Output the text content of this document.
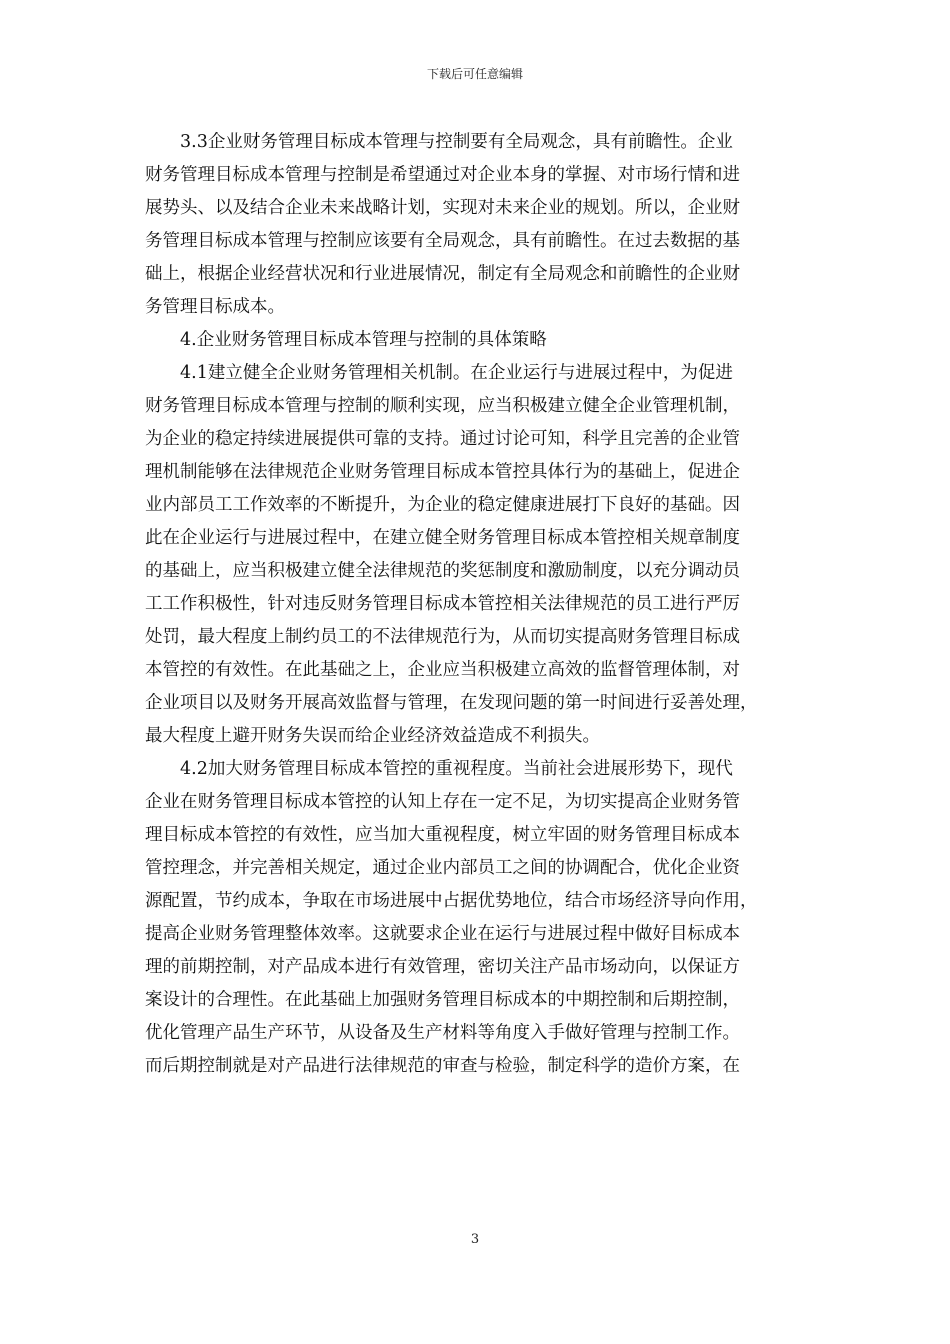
下载后可任意编辑
3.3企业财务管理目标成本管理与控制要有全局观念，具有前瞻性。企业
财务管理目标成本管理与控制是希望通过对企业本身的掌握、对市场行情和进
展势头、以及结合企业未来战略计划，实现对未来企业的规划。所以，企业财
务管理目标成本管理与控制应该要有全局观念，具有前瞻性。在过去数据的基
础上，根据企业经营状况和行业进展情况，制定有全局观念和前瞻性的企业财
务管理目标成本。
4.企业财务管理目标成本管理与控制的具体策略
4.1建立健全企业财务管理相关机制。在企业运行与进展过程中，为促进
财务管理目标成本管理与控制的顺利实现，应当积极建立健全企业管理机制，
为企业的稳定持续进展提供可靠的支持。通过讨论可知，科学且完善的企业管
理机制能够在法律规范企业财务管理目标成本管控具体行为的基础上，促进企
业内部员工工作效率的不断提升，为企业的稳定健康进展打下良好的基础。因
此在企业运行与进展过程中，在建立健全财务管理目标成本管控相关规章制度
的基础上，应当积极建立健全法律规范的奖惩制度和激励制度，以充分调动员
工工作积极性，针对违反财务管理目标成本管控相关法律规范的员工进行严厉
处罚，最大程度上制约员工的不法律规范行为，从而切实提高财务管理目标成
本管控的有效性。在此基础之上，企业应当积极建立高效的监督管理体制，对
企业项目以及财务开展高效监督与管理，在发现问题的第一时间进行妥善处理，
最大程度上避开财务失误而给企业经济效益造成不利损失。
4.2加大财务管理目标成本管控的重视程度。当前社会进展形势下，现代
企业在财务管理目标成本管控的认知上存在一定不足，为切实提高企业财务管
理目标成本管控的有效性，应当加大重视程度，树立牢固的财务管理目标成本
管控理念，并完善相关规定，通过企业内部员工之间的协调配合，优化企业资
源配置，节约成本，争取在市场进展中占据优势地位，结合市场经济导向作用，
提高企业财务管理整体效率。这就要求企业在运行与进展过程中做好目标成本
理的前期控制，对产品成本进行有效管理，密切关注产品市场动向，以保证方
案设计的合理性。在此基础上加强财务管理目标成本的中期控制和后期控制，
优化管理产品生产环节，从设备及生产材料等角度入手做好管理与控制工作。
而后期控制就是对产品进行法律规范的审查与检验，制定科学的造价方案，在
3
